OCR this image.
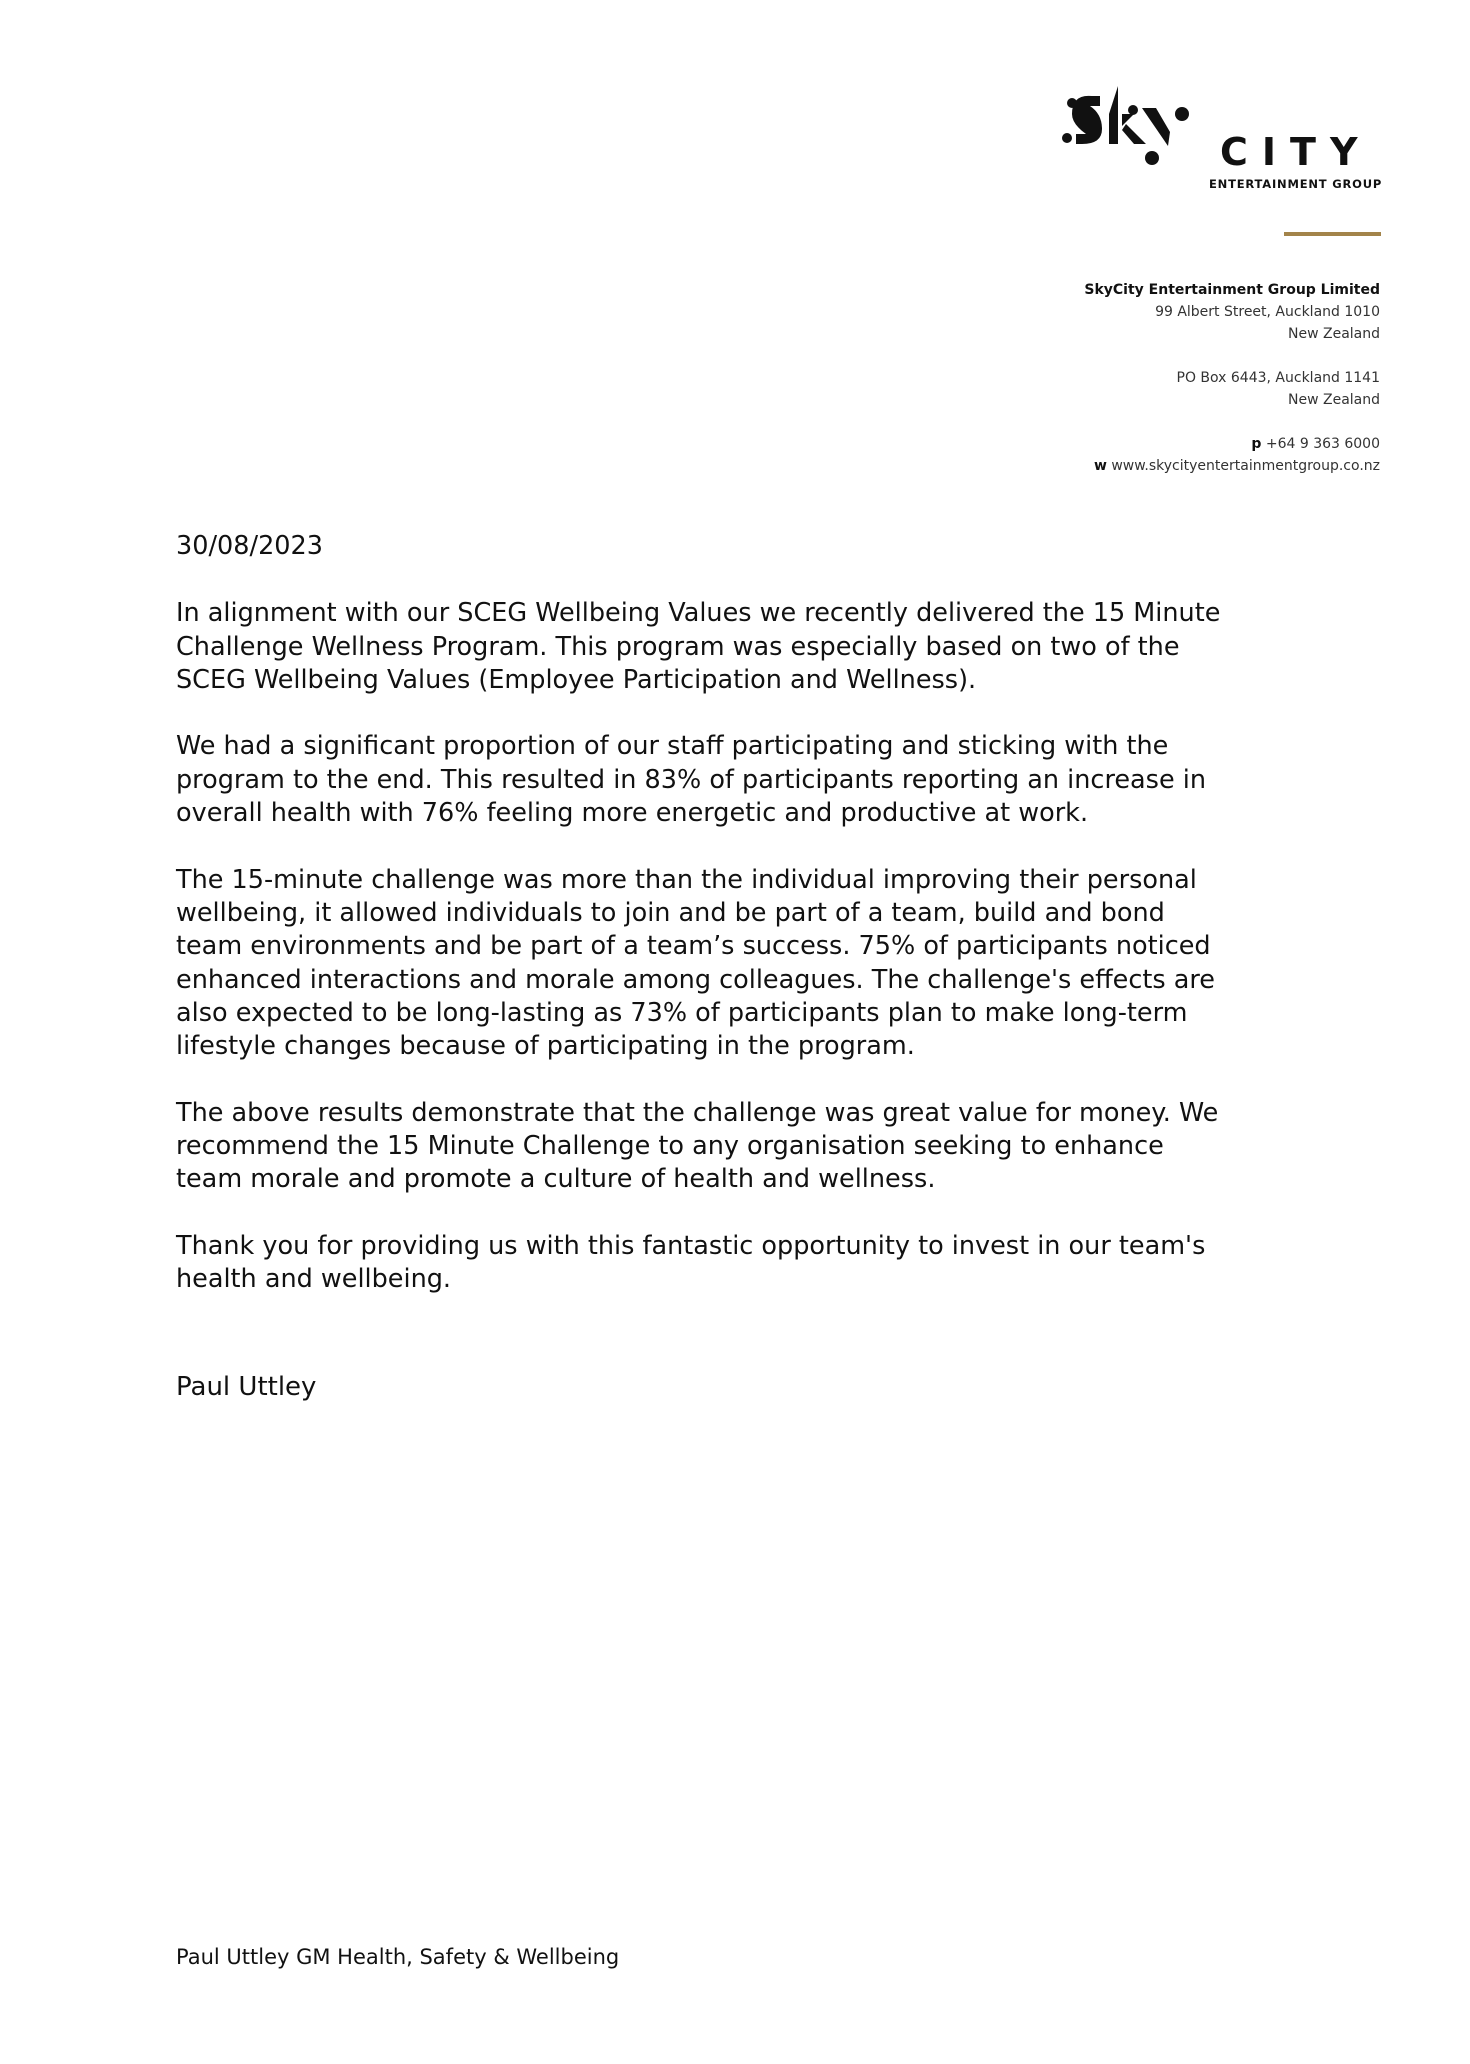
CITY
ENTERTAINMENT GROUP
SkyCity Entertainment Group Limited
99 Albert Street, Auckland 1010
New Zealand
PO Box 6443, Auckland 1141
New Zealand
p +64 9 363 6000
w www.skycityentertainmentgroup.co.nz
30/08/2023
In alignment with our SCEG Wellbeing Values we recently delivered the 15 Minute
Challenge Wellness Program. This program was especially based on two of the
SCEG Wellbeing Values (Employee Participation and Wellness).
We had a significant proportion of our staff participating and sticking with the
program to the end. This resulted in 83% of participants reporting an increase in
overall health with 76% feeling more energetic and productive at work.
The 15-minute challenge was more than the individual improving their personal
wellbeing, it allowed individuals to join and be part of a team, build and bond
team environments and be part of a team’s success. 75% of participants noticed
enhanced interactions and morale among colleagues. The challenge's effects are
also expected to be long-lasting as 73% of participants plan to make long-term
lifestyle changes because of participating in the program.
The above results demonstrate that the challenge was great value for money. We
recommend the 15 Minute Challenge to any organisation seeking to enhance
team morale and promote a culture of health and wellness.
Thank you for providing us with this fantastic opportunity to invest in our team's
health and wellbeing.
Paul Uttley
Paul Uttley GM Health, Safety & Wellbeing
